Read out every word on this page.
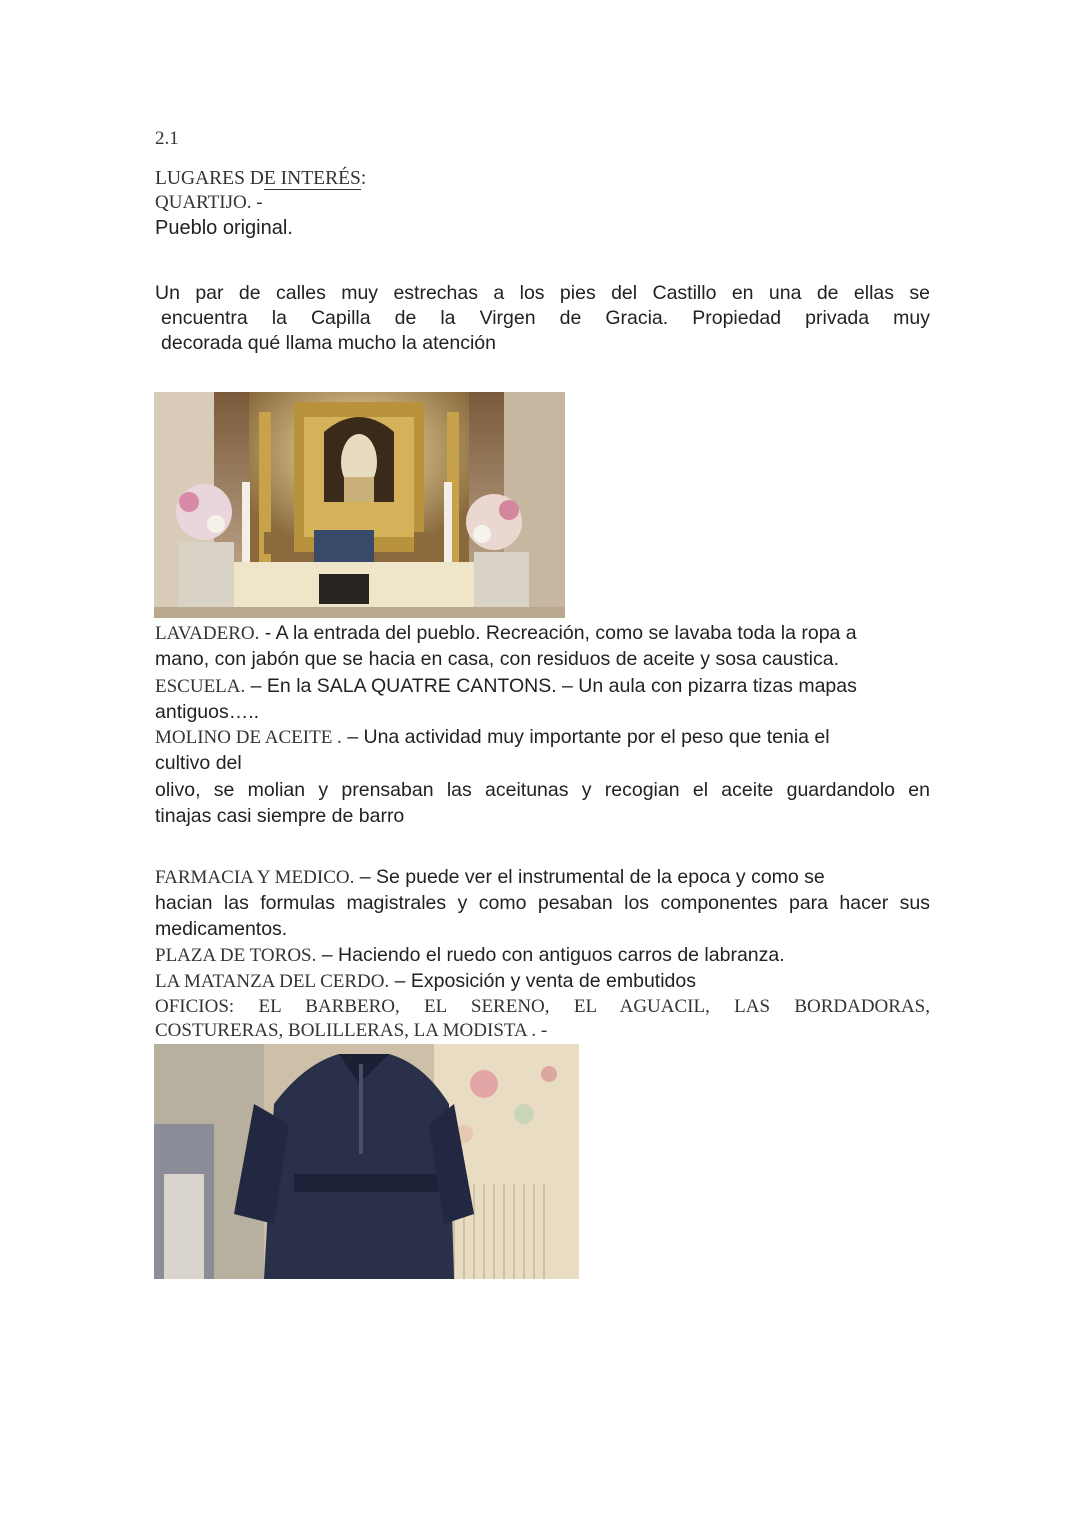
2.1
LUGARES DE INTERÉS:
QUARTIJO. -
Pueblo original.
Un par de calles muy estrechas a los pies del Castillo en una de ellas se
encuentra la Capilla de la Virgen de Gracia. Propiedad privada muy
decorada qué llama mucho la atención
LAVADERO. - A la entrada del pueblo. Recreación, como se lavaba toda la ropa a
mano, con jabón que se hacia en casa, con residuos de aceite y sosa caustica.
ESCUELA. – En la SALA QUATRE CANTONS. – Un aula con pizarra tizas mapas
antiguos…..
MOLINO DE ACEITE . – Una actividad muy importante por el peso que tenia el
cultivo del
olivo, se molian y prensaban las aceitunas y recogian el aceite guardandolo en
tinajas casi siempre de barro
FARMACIA Y MEDICO. – Se puede ver el instrumental de la epoca y como se
hacian las formulas magistrales y como pesaban los componentes para hacer sus
medicamentos.
PLAZA DE TOROS. – Haciendo el ruedo con antiguos carros de labranza.
LA MATANZA DEL CERDO. – Exposición y venta de embutidos
OFICIOS: EL BARBERO, EL SERENO, EL AGUACIL, LAS BORDADORAS,
COSTURERAS, BOLILLERAS, LA MODISTA . -
